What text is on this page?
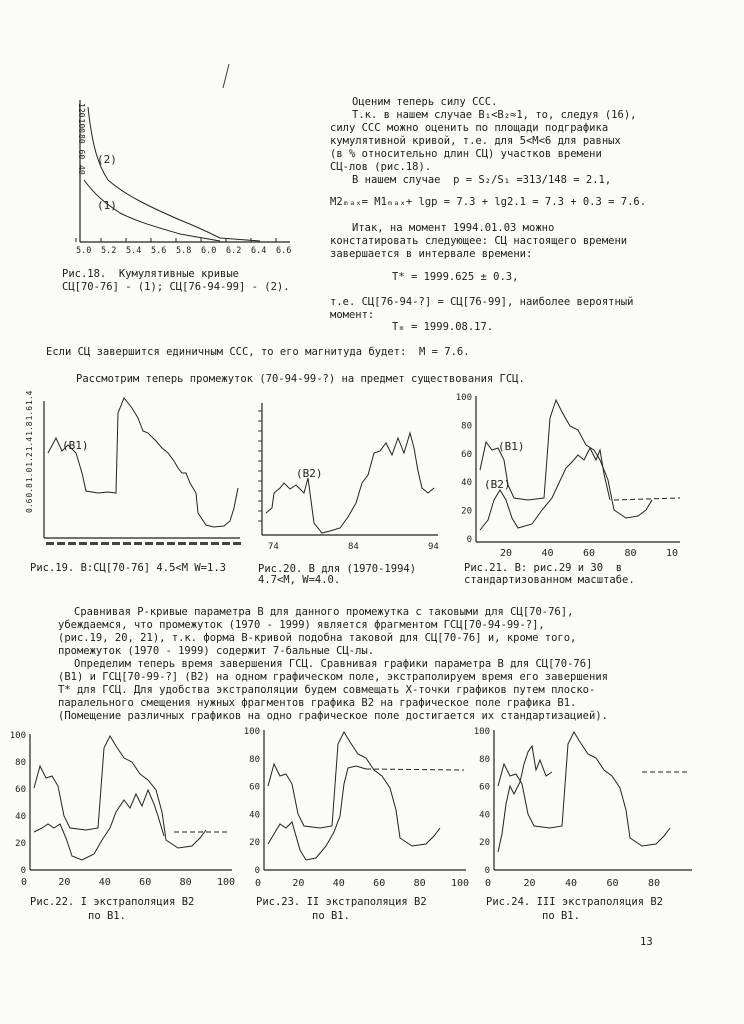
120
100
80
60
40
5.0 5.2 5.4 5.6 5.8 6.0 6.2 6.4 6.6
(2)
(1)
Рис.18.  Кумулятивные кривые
СЦ[70-76] - (1); СЦ[76-94-99] - (2).
Оценим теперь силу ССС.
Т.к. в нашем случае B₁<B₂≈1, то, следуя (16),
силу ССС можно оценить по площади подграфика
кумулятивной кривой, т.е. для 5<M<6 для равных
(в % относительно длин СЦ) участков времени
СЦ-лов (рис.18).
В нашем случае  p = S₂/S₁ =313/148 = 2.1,
M2ₘₐₓ= M1ₘₐₓ+ lgp = 7.3 + lg2.1 = 7.3 + 0.3 = 7.6.
Итак, на момент 1994.01.03 можно
констатировать следующее: СЦ настоящего времени
завершается в интервале времени:
T* = 1999.625 ± 0.3,
т.е. СЦ[76-94-?] = СЦ[76-99], наиболее вероятный
момент:
Tₘ = 1999.08.17.
Если СЦ завершится единичным ССС, то его магнитуда будет:  M = 7.6.
Рассмотрим теперь промежуток (70-94-99-?) на предмет существования ГСЦ.
1.4
1.6
1.8
1.4
1.2
1.0
0.8
0.6
(B1)
Рис.19. B:СЦ[70-76] 4.5<M W=1.3
74	84	94
(B2)
Рис.20. B для (1970-1994)
4.7<M, W=4.0.
100
80
60
40
20
0
20	40	60	80	10
(B1)
(B2)
Рис.21. B: рис.29 и 30  в
стандартизованном масштабе.
Сравнивая P-кривые параметра B для данного промежутка с таковыми для СЦ[70-76],
убеждаемся, что промежуток (1970 - 1999) является фрагментом ГСЦ[70-94-99-?],
(рис.19, 20, 21), т.к. форма B-кривой подобна таковой для СЦ[70-76] и, кроме того,
промежуток (1970 - 1999) содержит 7-бальные СЦ-лы.
Определим теперь время завершения ГСЦ. Сравнивая графики параметра B для СЦ[70-76]
(B1) и ГСЦ[70-99-?] (B2) на одном графическом поле, экстраполируем время его завершения
T* для ГСЦ. Для удобства экстраполяции будем совмещать X-точки графиков путем плоско-
паралельного смещения нужных фрагментов графика B2 на графическое поле графика B1.
(Помещение различных графиков на одно графическое поле достигается их стандартизацией).
100
80
60
40
20
0
0	20	40	60	80	100
Рис.22. I экстраполяция B2
по B1.
100
80
60
40
20
0
0	20	40	60	80	100
Рис.23. II экстраполяция B2
по B1.
100
80
60
40
20
0
0	20	40	60	80
Рис.24. III экстраполяция B2
по B1.
13
